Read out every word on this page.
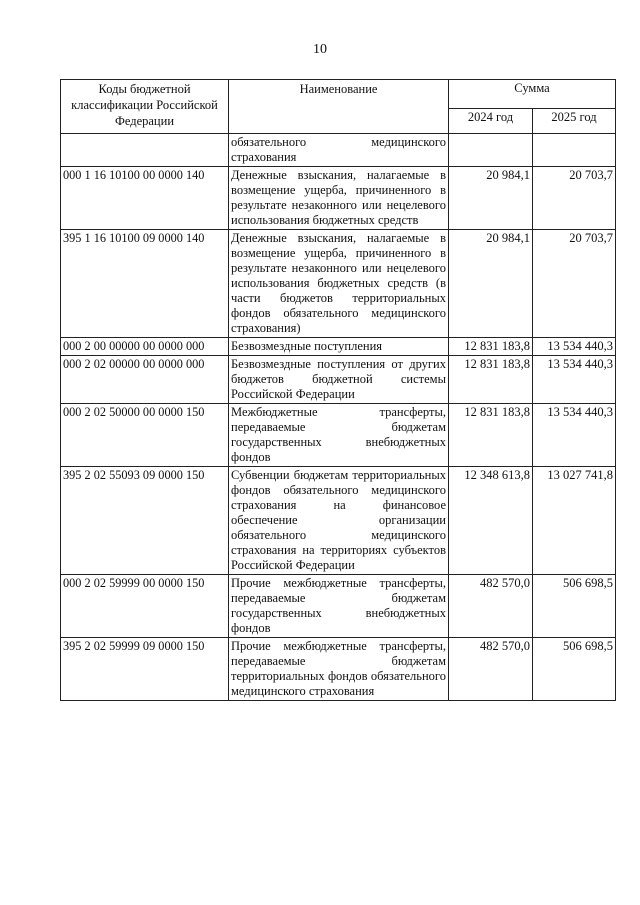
10
Коды бюджетной классификации Российской Федерации	Наименование	Сумма	
		2024 год	2025 год
	обязательного медицинского страхования		
000 1 16 10100 00 0000 140	Денежные взыскания, налагаемые в возмещение ущерба, причиненного в результате незаконного или нецелевого использования бюджетных средств	20 984,1	20 703,7
395 1 16 10100 09 0000 140	Денежные взыскания, налагаемые в возмещение ущерба, причиненного в результате незаконного или нецелевого использования бюджетных средств (в части бюджетов территориальных фондов обязательного медицинского страхования)	20 984,1	20 703,7
000 2 00 00000 00 0000 000	Безвозмездные поступления	12 831 183,8	13 534 440,3
000 2 02 00000 00 0000 000	Безвозмездные поступления от других бюджетов бюджетной системы Российской Федерации	12 831 183,8	13 534 440,3
000 2 02 50000 00 0000 150	Межбюджетные трансферты, передаваемые бюджетам государственных внебюджетных фондов	12 831 183,8	13 534 440,3
395 2 02 55093 09 0000 150	Субвенции бюджетам территориальных фондов обязательного медицинского страхования на финансовое обеспечение организации обязательного медицинского страхования на территориях субъектов Российской Федерации	12 348 613,8	13 027 741,8
000 2 02 59999 00 0000 150	Прочие межбюджетные трансферты, передаваемые бюджетам государственных внебюджетных фондов	482 570,0	506 698,5
395 2 02 59999 09 0000 150	Прочие межбюджетные трансферты, передаваемые бюджетам территориальных фондов обязательного медицинского страхования	482 570,0	506 698,5
